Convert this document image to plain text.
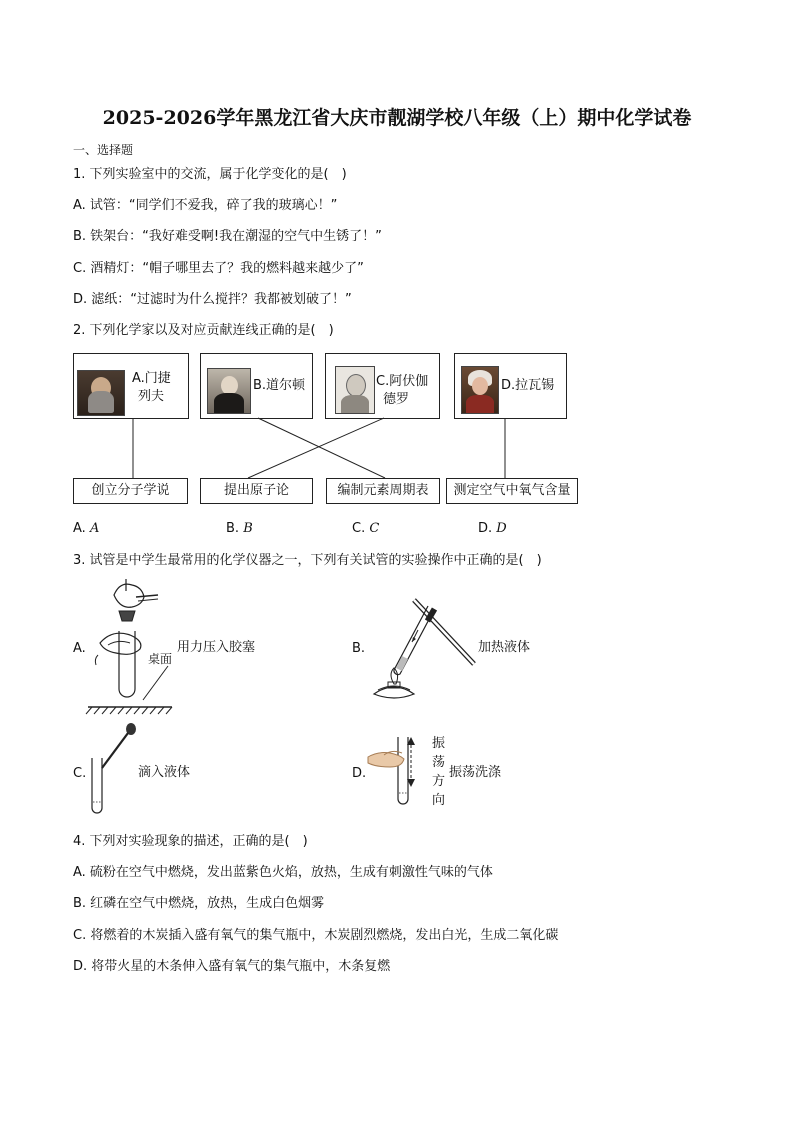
2025-2026学年黑龙江省大庆市靓湖学校八年级（上）期中化学试卷
一、选择题
1. 下列实验室中的交流，属于化学变化的是(　)
A. 试管：“同学们不爱我，碎了我的玻璃心！”
B. 铁架台：“我好难受啊!我在潮湿的空气中生锈了！”
C. 酒精灯：“帽子哪里去了？我的燃料越来越少了”
D. 滤纸：“过滤时为什么搅拌？我都被划破了！”
2. 下列化学家以及对应贡献连线正确的是(　)
A.门捷
列夫
B.道尔顿	C.阿伏伽
德罗
D.拉瓦锡
创立分子学说	提出原子论	编制元素周期表	测定空气中氧气含量
A. A	B. B	C. C	D. D
3. 试管是中学生最常用的化学仪器之一，下列有关试管的实验操作中正确的是(　)
A.
桌面
用力压入胶塞	B.	加热液体
C.	滴入液体	D.
振
荡
方
向
振荡洗涤
4. 下列对实验现象的描述，正确的是(　)
A. 硫粉在空气中燃烧，发出蓝紫色火焰，放热，生成有刺激性气味的气体
B. 红磷在空气中燃烧，放热，生成白色烟雾
C. 将燃着的木炭插入盛有氧气的集气瓶中，木炭剧烈燃烧，发出白光，生成二氧化碳
D. 将带火星的木条伸入盛有氧气的集气瓶中，木条复燃
